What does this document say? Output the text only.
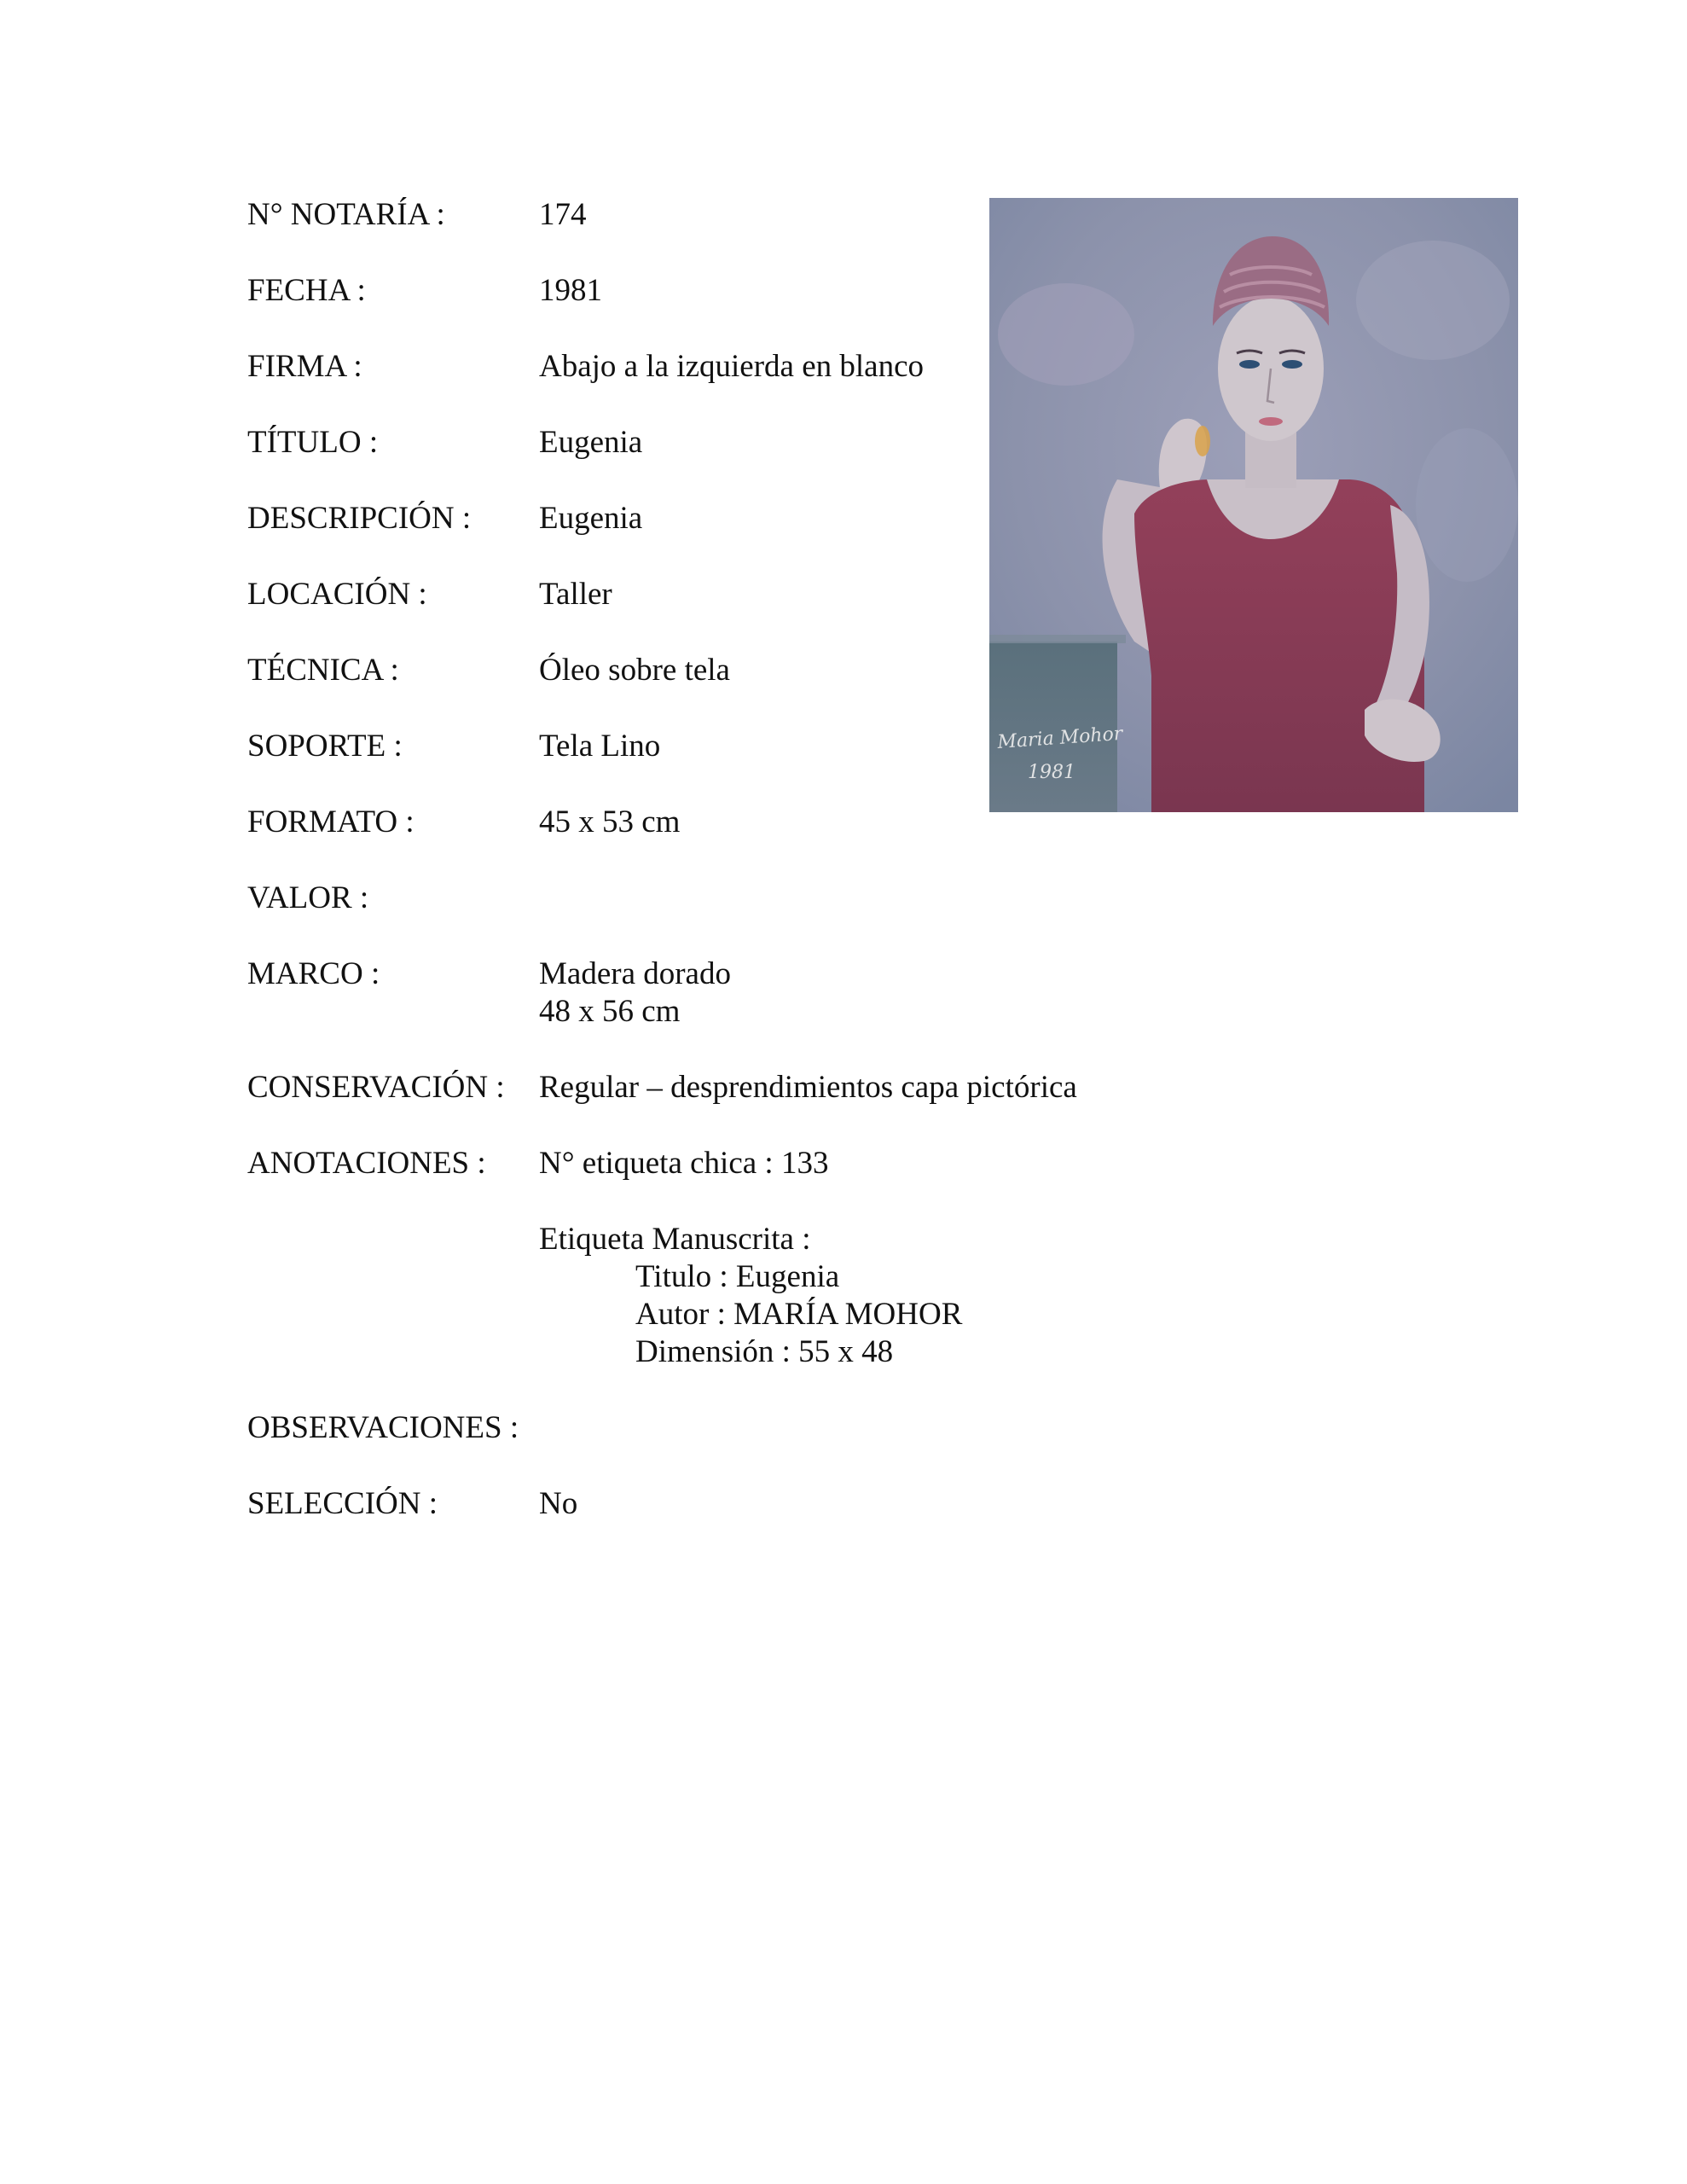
N° NOTARÍA :	174
FECHA :	1981
FIRMA :	Abajo a la izquierda en blanco
TÍTULO :	Eugenia
DESCRIPCIÓN : Eugenia
LOCACIÓN :	Taller
TÉCNICA :	Óleo sobre tela
SOPORTE :	Tela Lino
FORMATO :	45 x 53 cm
VALOR :
MARCO :	Madera dorado
48 x 56 cm
CONSERVACIÓN : Regular – desprendimientos capa pictórica
ANOTACIONES : N° etiqueta chica : 133
Etiqueta Manuscrita :
Titulo : Eugenia
Autor : MARÍA MOHOR
Dimensión : 55 x 48
OBSERVACIONES :
SELECCIÓN :	No
Maria Mohor
1981
